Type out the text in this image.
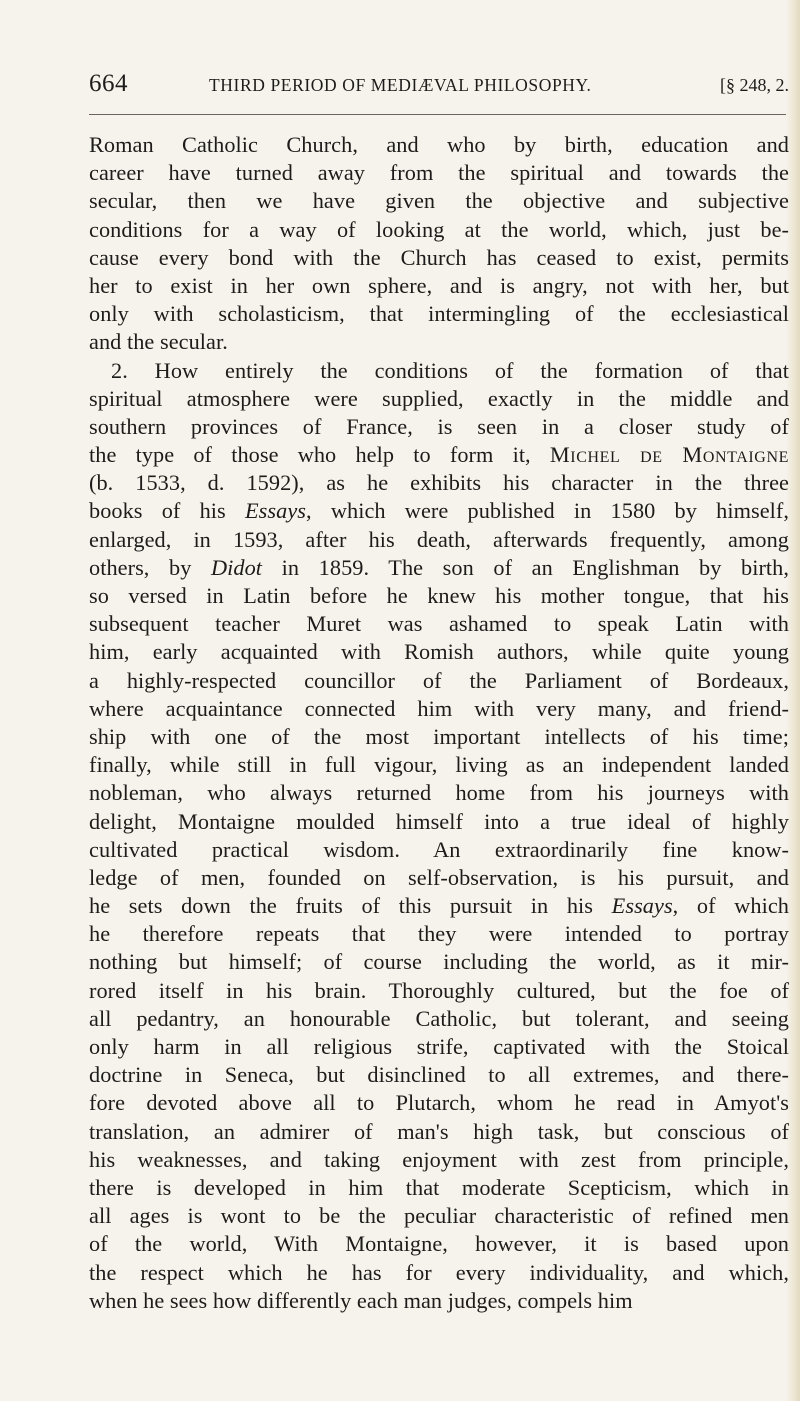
664	THIRD PERIOD OF MEDIÆVAL PHILOSOPHY.	[§ 248, 2.
Roman Catholic Church, and who by birth, education and
career have turned away from the spiritual and towards the
secular, then we have given the objective and subjective
conditions for a way of looking at the world, which, just be-
cause every bond with the Church has ceased to exist, permits
her to exist in her own sphere, and is angry, not with her, but
only with scholasticism, that intermingling of the ecclesiastical
and the secular.
2. How entirely the conditions of the formation of that
spiritual atmosphere were supplied, exactly in the middle and
southern provinces of France, is seen in a closer study of
the type of those who help to form it, Michel de Montaigne
(b. 1533, d. 1592), as he exhibits his character in the three
books of his Essays, which were published in 1580 by himself,
enlarged, in 1593, after his death, afterwards frequently, among
others, by Didot in 1859. The son of an Englishman by birth,
so versed in Latin before he knew his mother tongue, that his
subsequent teacher Muret was ashamed to speak Latin with
him, early acquainted with Romish authors, while quite young
a highly-respected councillor of the Parliament of Bordeaux,
where acquaintance connected him with very many, and friend-
ship with one of the most important intellects of his time;
finally, while still in full vigour, living as an independent landed
nobleman, who always returned home from his journeys with
delight, Montaigne moulded himself into a true ideal of highly
cultivated practical wisdom. An extraordinarily fine know-
ledge of men, founded on self-observation, is his pursuit, and
he sets down the fruits of this pursuit in his Essays, of which
he therefore repeats that they were intended to portray
nothing but himself; of course including the world, as it mir-
rored itself in his brain. Thoroughly cultured, but the foe of
all pedantry, an honourable Catholic, but tolerant, and seeing
only harm in all religious strife, captivated with the Stoical
doctrine in Seneca, but disinclined to all extremes, and there-
fore devoted above all to Plutarch, whom he read in Amyot's
translation, an admirer of man's high task, but conscious of
his weaknesses, and taking enjoyment with zest from principle,
there is developed in him that moderate Scepticism, which in
all ages is wont to be the peculiar characteristic of refined men
of the world, With Montaigne, however, it is based upon
the respect which he has for every individuality, and which,
when he sees how differently each man judges, compels him
